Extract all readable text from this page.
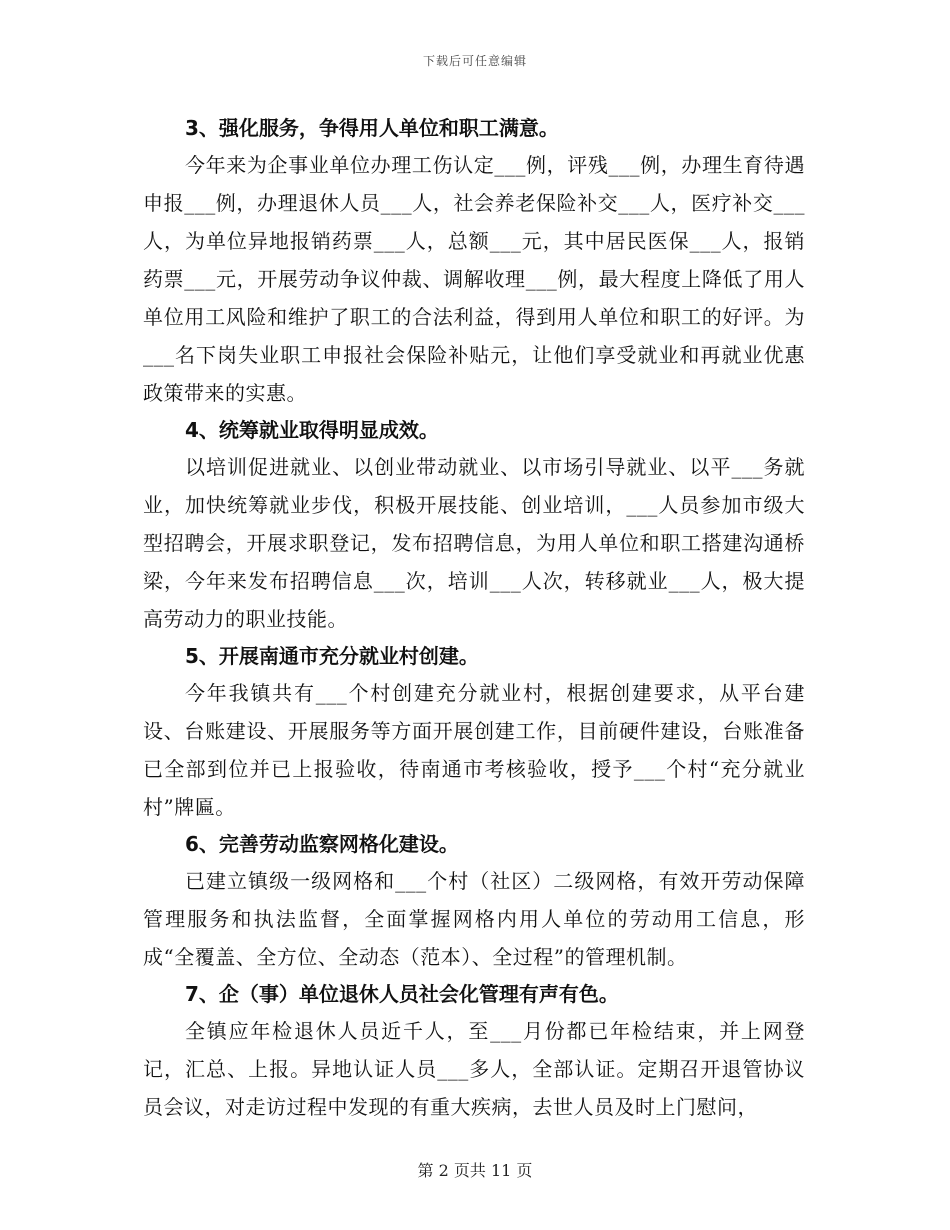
下载后可任意编辑

3、强化服务，争得用人单位和职工满意。

今年来为企事业单位办理工伤认定___例，评残___例，办理生育待遇申报___例，办理退休人员___人，社会养老保险补交___人，医疗补交___人，为单位异地报销药票___人，总额___元，其中居民医保___人，报销药票___元，开展劳动争议仲裁、调解收理___例，最大程度上降低了用人单位用工风险和维护了职工的合法利益，得到用人单位和职工的好评。为___名下岗失业职工申报社会保险补贴元，让他们享受就业和再就业优惠政策带来的实惠。

4、统筹就业取得明显成效。

以培训促进就业、以创业带动就业、以市场引导就业、以平___务就业，加快统筹就业步伐，积极开展技能、创业培训，___人员参加市级大型招聘会，开展求职登记，发布招聘信息，为用人单位和职工搭建沟通桥梁，今年来发布招聘信息___次，培训___人次，转移就业___人，极大提高劳动力的职业技能。

5、开展南通市充分就业村创建。

今年我镇共有___个村创建充分就业村，根据创建要求，从平台建设、台账建设、开展服务等方面开展创建工作，目前硬件建设，台账准备已全部到位并已上报验收，待南通市考核验收，授予___个村“充分就业村”牌匾。

6、完善劳动监察网格化建设。

已建立镇级一级网格和___个村（社区）二级网格，有效开劳动保障管理服务和执法监督，全面掌握网格内用人单位的劳动用工信息，形成“全覆盖、全方位、全动态（范本）、全过程”的管理机制。

7、企（事）单位退休人员社会化管理有声有色。

全镇应年检退休人员近千人，至___月份都已年检结束，并上网登记，汇总、上报。异地认证人员___多人，全部认证。定期召开退管协议员会议，对走访过程中发现的有重大疾病，去世人员及时上门慰问，

第 2 页共 11 页
